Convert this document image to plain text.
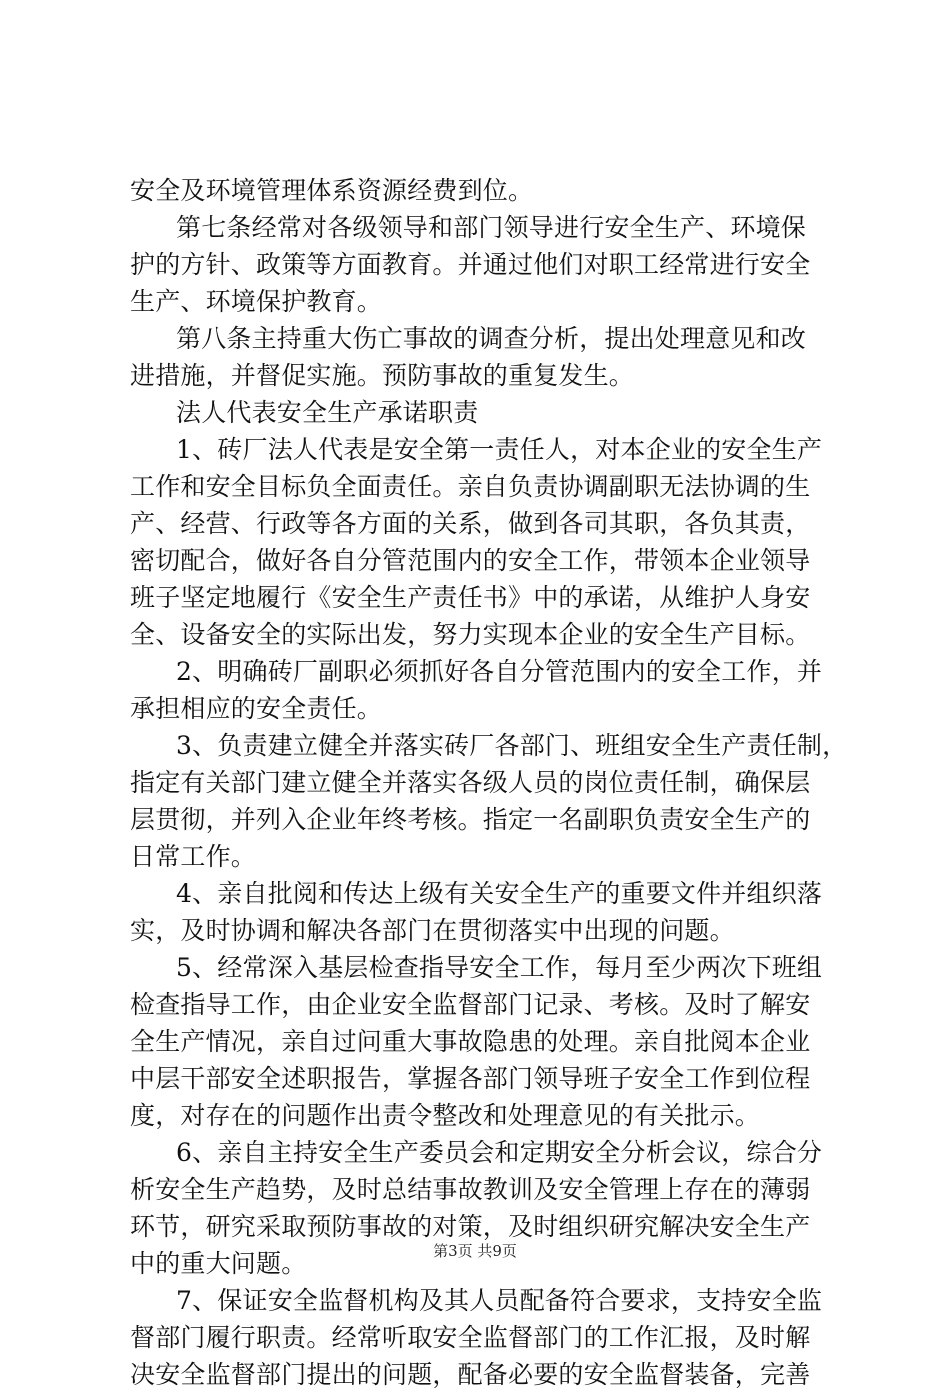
安全及环境管理体系资源经费到位。
第七条经常对各级领导和部门领导进行安全生产、环境保
护的方针、政策等方面教育。并通过他们对职工经常进行安全
生产、环境保护教育。
第八条主持重大伤亡事故的调查分析，提出处理意见和改
进措施，并督促实施。预防事故的重复发生。
法人代表安全生产承诺职责
1、砖厂法人代表是安全第一责任人，对本企业的安全生产
工作和安全目标负全面责任。亲自负责协调副职无法协调的生
产、经营、行政等各方面的关系，做到各司其职，各负其责，
密切配合，做好各自分管范围内的安全工作，带领本企业领导
班子坚定地履行《安全生产责任书》中的承诺，从维护人身安
全、设备安全的实际出发，努力实现本企业的安全生产目标。
2、明确砖厂副职必须抓好各自分管范围内的安全工作，并
承担相应的安全责任。
3、负责建立健全并落实砖厂各部门、班组安全生产责任制，
指定有关部门建立健全并落实各级人员的岗位责任制，确保层
层贯彻，并列入企业年终考核。指定一名副职负责安全生产的
日常工作。
4、亲自批阅和传达上级有关安全生产的重要文件并组织落
实，及时协调和解决各部门在贯彻落实中出现的问题。
5、经常深入基层检查指导安全工作，每月至少两次下班组
检查指导工作，由企业安全监督部门记录、考核。及时了解安
全生产情况，亲自过问重大事故隐患的处理。亲自批阅本企业
中层干部安全述职报告，掌握各部门领导班子安全工作到位程
度，对存在的问题作出责令整改和处理意见的有关批示。
6、亲自主持安全生产委员会和定期安全分析会议，综合分
析安全生产趋势，及时总结事故教训及安全管理上存在的薄弱
环节，研究采取预防事故的对策，及时组织研究解决安全生产
中的重大问题。
7、保证安全监督机构及其人员配备符合要求，支持安全监
督部门履行职责。经常听取安全监督部门的工作汇报，及时解
决安全监督部门提出的问题，配备必要的安全监督装备，完善
第3页 共9页
